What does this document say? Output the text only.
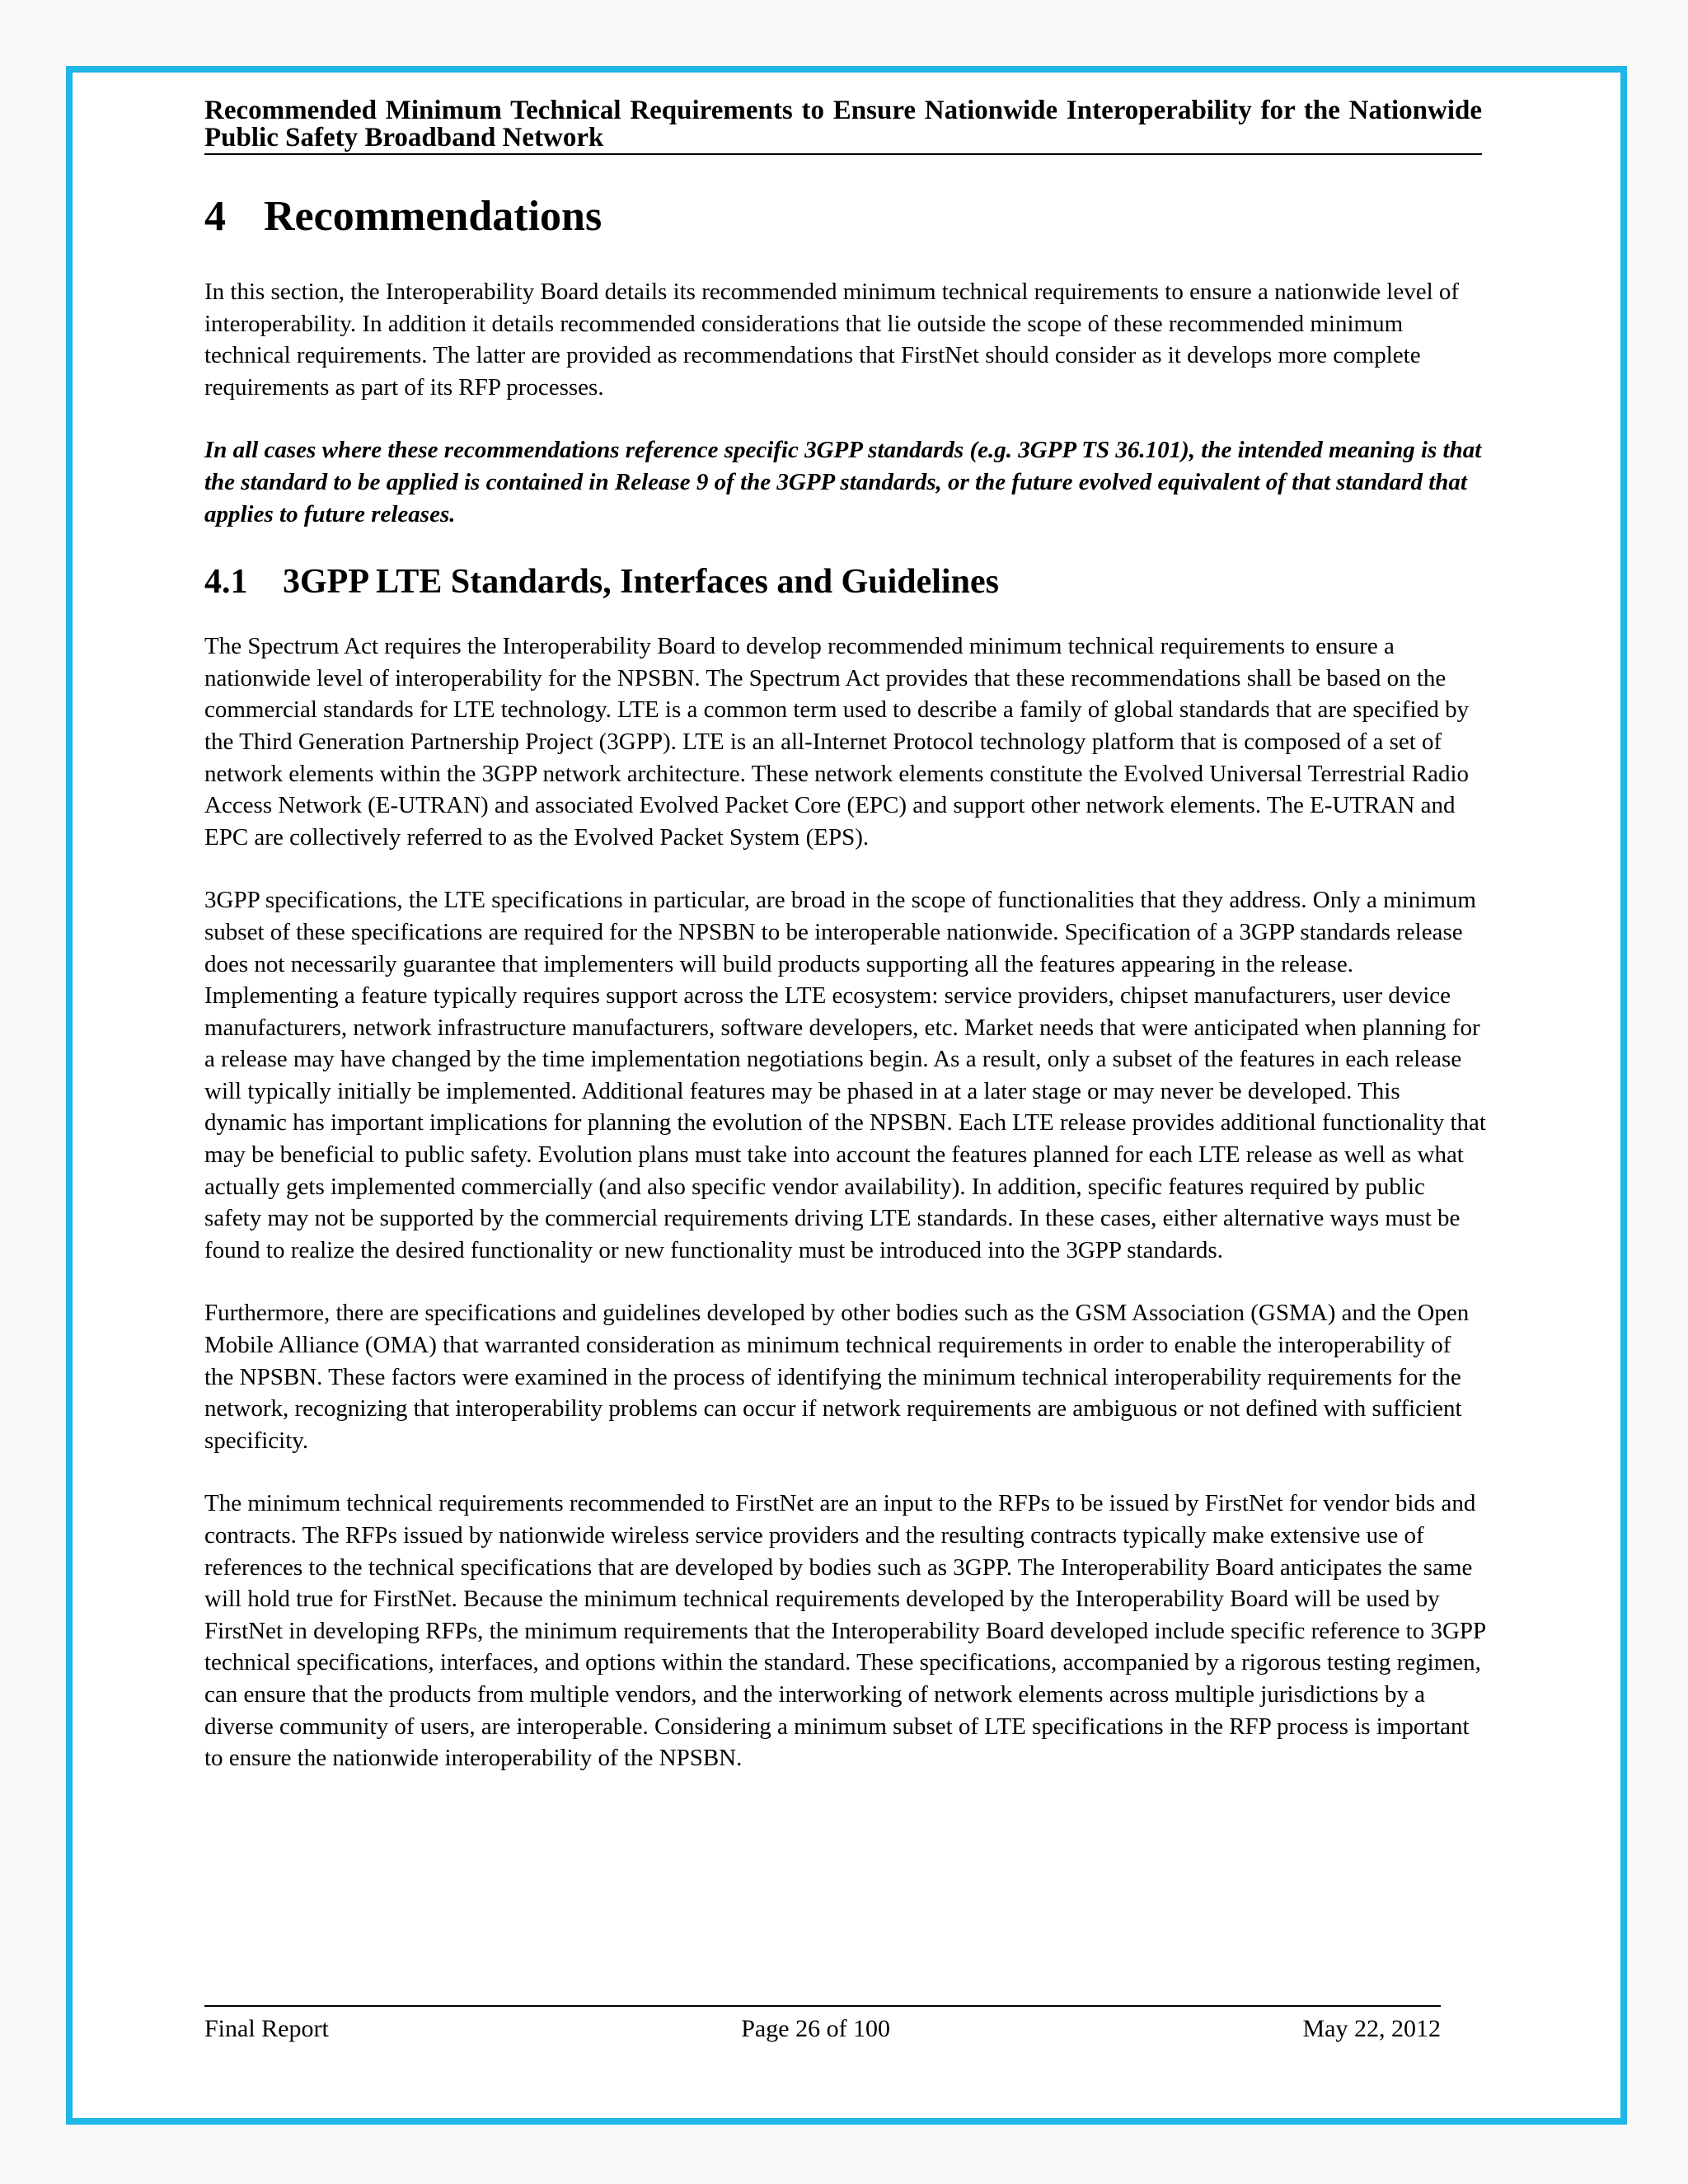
Recommended Minimum Technical Requirements to Ensure Nationwide Interoperability for the Nationwide Public Safety Broadband Network
4 Recommendations

In this section, the Interoperability Board details its recommended minimum technical requirements to ensure a nationwide level of interoperability. In addition it details recommended considerations that lie outside the scope of these recommended minimum technical requirements. The latter are provided as recommendations that FirstNet should consider as it develops more complete requirements as part of its RFP processes.

In all cases where these recommendations reference specific 3GPP standards (e.g. 3GPP TS 36.101), the intended meaning is that the standard to be applied is contained in Release 9 of the 3GPP standards, or the future evolved equivalent of that standard that applies to future releases.

4.1 3GPP LTE Standards, Interfaces and Guidelines

The Spectrum Act requires the Interoperability Board to develop recommended minimum technical requirements to ensure a nationwide level of interoperability for the NPSBN. The Spectrum Act provides that these recommendations shall be based on the commercial standards for LTE technology. LTE is a common term used to describe a family of global standards that are specified by the Third Generation Partnership Project (3GPP). LTE is an all-Internet Protocol technology platform that is composed of a set of network elements within the 3GPP network architecture. These network elements constitute the Evolved Universal Terrestrial Radio Access Network (E-UTRAN) and associated Evolved Packet Core (EPC) and support other network elements. The E-UTRAN and EPC are collectively referred to as the Evolved Packet System (EPS).

3GPP specifications, the LTE specifications in particular, are broad in the scope of functionalities that they address. Only a minimum subset of these specifications are required for the NPSBN to be interoperable nationwide. Specification of a 3GPP standards release does not necessarily guarantee that implementers will build products supporting all the features appearing in the release. Implementing a feature typically requires support across the LTE ecosystem: service providers, chipset manufacturers, user device manufacturers, network infrastructure manufacturers, software developers, etc. Market needs that were anticipated when planning for a release may have changed by the time implementation negotiations begin. As a result, only a subset of the features in each release will typically initially be implemented. Additional features may be phased in at a later stage or may never be developed. This dynamic has important implications for planning the evolution of the NPSBN. Each LTE release provides additional functionality that may be beneficial to public safety. Evolution plans must take into account the features planned for each LTE release as well as what actually gets implemented commercially (and also specific vendor availability). In addition, specific features required by public safety may not be supported by the commercial requirements driving LTE standards. In these cases, either alternative ways must be found to realize the desired functionality or new functionality must be introduced into the 3GPP standards.

Furthermore, there are specifications and guidelines developed by other bodies such as the GSM Association (GSMA) and the Open Mobile Alliance (OMA) that warranted consideration as minimum technical requirements in order to enable the interoperability of the NPSBN. These factors were examined in the process of identifying the minimum technical interoperability requirements for the network, recognizing that interoperability problems can occur if network requirements are ambiguous or not defined with sufficient specificity.

The minimum technical requirements recommended to FirstNet are an input to the RFPs to be issued by FirstNet for vendor bids and contracts. The RFPs issued by nationwide wireless service providers and the resulting contracts typically make extensive use of references to the technical specifications that are developed by bodies such as 3GPP. The Interoperability Board anticipates the same will hold true for FirstNet. Because the minimum technical requirements developed by the Interoperability Board will be used by FirstNet in developing RFPs, the minimum requirements that the Interoperability Board developed include specific reference to 3GPP technical specifications, interfaces, and options within the standard. These specifications, accompanied by a rigorous testing regimen, can ensure that the products from multiple vendors, and the interworking of network elements across multiple jurisdictions by a diverse community of users, are interoperable. Considering a minimum subset of LTE specifications in the RFP process is important to ensure the nationwide interoperability of the NPSBN.

Final Report	Page 26 of 100	May 22, 2012
